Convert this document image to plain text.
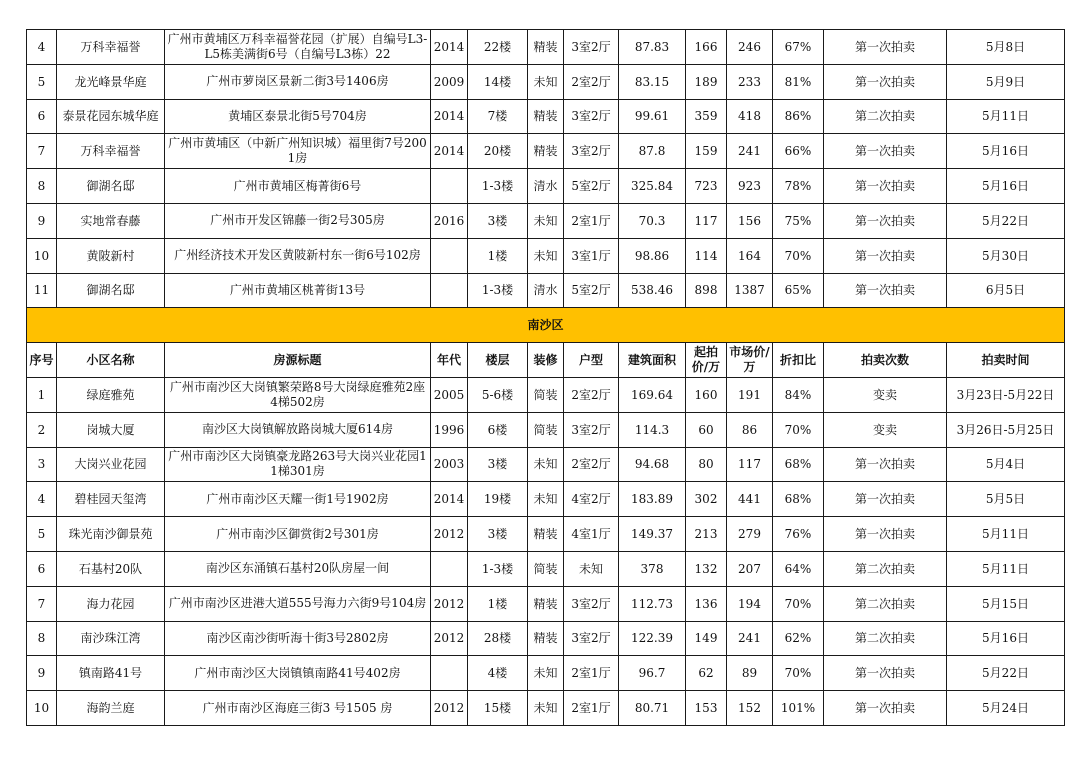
4	万科幸福誉	广州市黄埔区万科幸福誉花园（扩展）自编号L3-L5栋美满街6号（自编号L3栋）22	2014	22楼	精装	3室2厅	87.83	166	246	67%	第一次拍卖	5月8日
5	龙光峰景华庭	广州市萝岗区景新二街3号1406房	2009	14楼	未知	2室2厅	83.15	189	233	81%	第一次拍卖	5月9日
6	泰景花园东城华庭	黄埔区泰景北街5号704房	2014	7楼	精装	3室2厅	99.61	359	418	86%	第二次拍卖	5月11日
7	万科幸福誉	广州市黄埔区（中新广州知识城）福里街7号2001房	2014	20楼	精装	3室2厅	87.8	159	241	66%	第一次拍卖	5月16日
8	御湖名邸	广州市黄埔区梅菁街6号		1-3楼	清水	5室2厅	325.84	723	923	78%	第一次拍卖	5月16日
9	实地常春藤	广州市开发区锦藤一街2号305房	2016	3楼	未知	2室1厅	70.3	117	156	75%	第一次拍卖	5月22日
10	黄陂新村	广州经济技术开发区黄陂新村东一街6号102房		1楼	未知	3室1厅	98.86	114	164	70%	第一次拍卖	5月30日
11	御湖名邸	广州市黄埔区桃菁街13号		1-3楼	清水	5室2厅	538.46	898	1387	65%	第一次拍卖	6月5日
南沙区												
序号	小区名称	房源标题	年代	楼层	装修	户型	建筑面积	起拍价/万	市场价/万	折扣比	拍卖次数	拍卖时间
1	绿庭雅苑	广州市南沙区大岗镇繁荣路8号大岗绿庭雅苑2座4梯502房	2005	5-6楼	简装	2室2厅	169.64	160	191	84%	变卖	3月23日-5月22日
2	岗城大厦	南沙区大岗镇解放路岗城大厦614房	1996	6楼	简装	3室2厅	114.3	60	86	70%	变卖	3月26日-5月25日
3	大岗兴业花园	广州市南沙区大岗镇豪龙路263号大岗兴业花园11梯301房	2003	3楼	未知	2室2厅	94.68	80	117	68%	第一次拍卖	5月4日
4	碧桂园天玺湾	广州市南沙区天耀一街1号1902房	2014	19楼	未知	4室2厅	183.89	302	441	68%	第一次拍卖	5月5日
5	珠光南沙御景苑	广州市南沙区御赏街2号301房	2012	3楼	精装	4室1厅	149.37	213	279	76%	第一次拍卖	5月11日
6	石基村20队	南沙区东涌镇石基村20队房屋一间		1-3楼	简装	未知	378	132	207	64%	第二次拍卖	5月11日
7	海力花园	广州市南沙区进港大道555号海力六街9号104房	2012	1楼	精装	3室2厅	112.73	136	194	70%	第二次拍卖	5月15日
8	南沙珠江湾	南沙区南沙街听海十街3号2802房	2012	28楼	精装	3室2厅	122.39	149	241	62%	第二次拍卖	5月16日
9	镇南路41号	广州市南沙区大岗镇镇南路41号402房		4楼	未知	2室1厅	96.7	62	89	70%	第一次拍卖	5月22日
10	海韵兰庭	广州市南沙区海庭三街3 号1505 房	2012	15楼	未知	2室1厅	80.71	153	152	101%	第一次拍卖	5月24日
